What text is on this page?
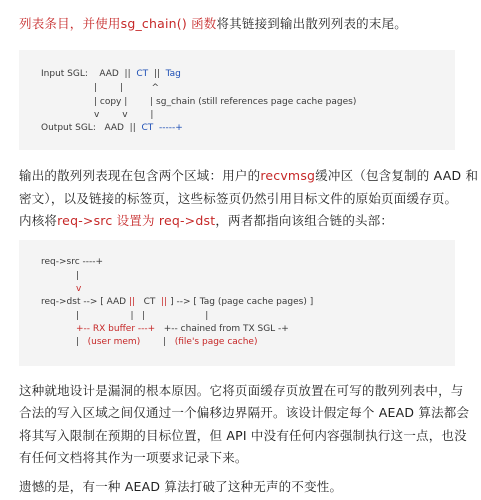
列表条目，并使用sg_chain() 函数将其链接到输出散列列表的末尾。
Input SGL:    AAD  ||  CT  ||  Tag
|        |          ^
| copy |        | sg_chain (still references page cache pages)
v        v        |
Output SGL:   AAD  ||  CT  -----+
输出的散列列表现在包含两个区域：用户的recvmsg缓冲区（包含复制的 AAD 和
密文），以及链接的标签页，这些标签页仍然引用目标文件的原始页面缓存页。
内核将req->src 设置为 req->dst，两者都指向该组合链的头部：
req->src ----+
|
v
req->dst --> [ AAD ||   CT  || ] --> [ Tag (page cache pages) ]
|                  |   |                     |
+-- RX buffer ---+   +-- chained from TX SGL -+
|   (user mem)        |   (file's page cache)
这种就地设计是漏洞的根本原因。它将页面缓存页放置在可写的散列列表中，与
合法的写入区域之间仅通过一个偏移边界隔开。该设计假定每个 AEAD 算法都会
将其写入限制在预期的目标位置，但 API 中没有任何内容强制执行这一点，也没
有任何文档将其作为一项要求记录下来。
遗憾的是，有一种 AEAD 算法打破了这种无声的不变性。
